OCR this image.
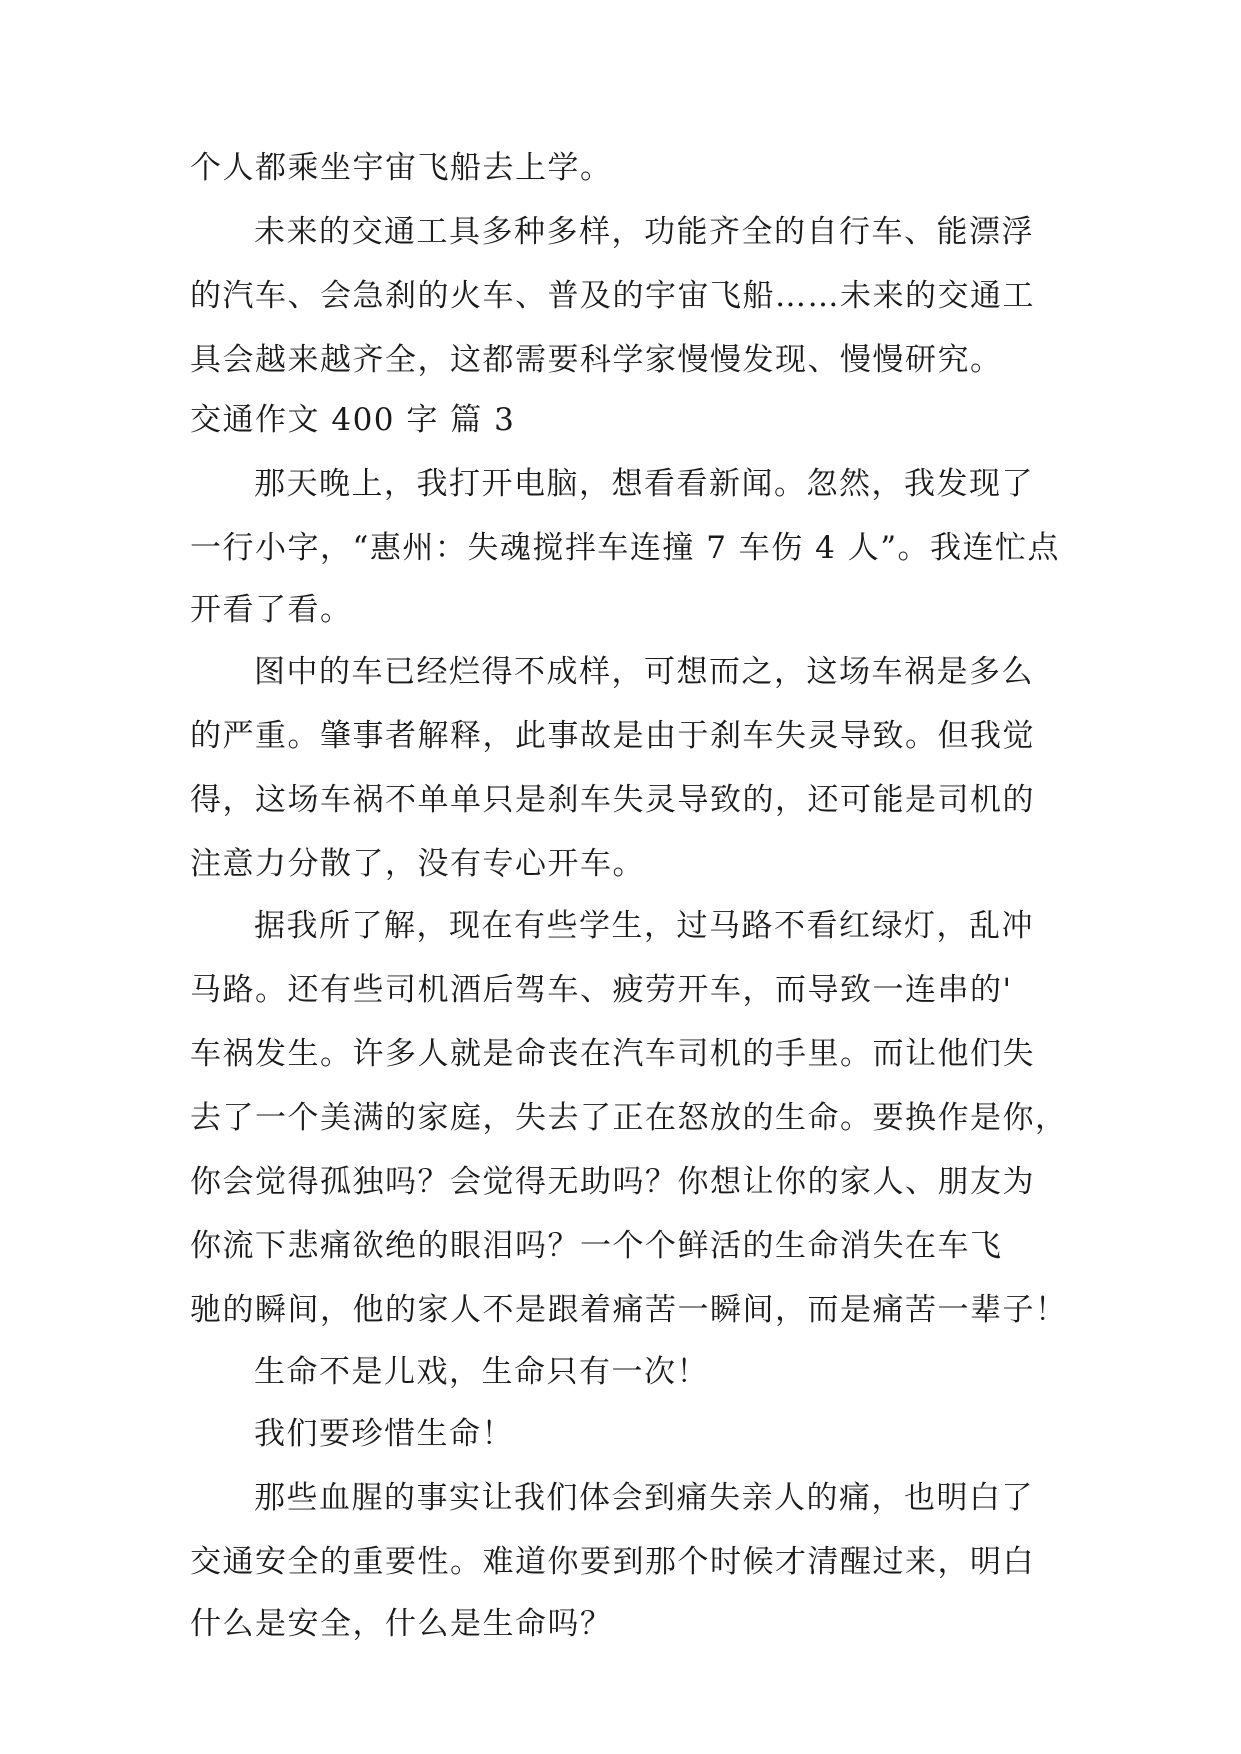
个人都乘坐宇宙飞船去上学。
未来的交通工具多种多样，功能齐全的自行车、能漂浮
的汽车、会急刹的火车、普及的宇宙飞船……未来的交通工
具会越来越齐全，这都需要科学家慢慢发现、慢慢研究。
交通作文 400 字 篇 3
那天晚上，我打开电脑，想看看新闻。忽然，我发现了
一行小字，“惠州：失魂搅拌车连撞 7 车伤 4 人”。我连忙点
开看了看。
图中的车已经烂得不成样，可想而之，这场车祸是多么
的严重。肇事者解释，此事故是由于刹车失灵导致。但我觉
得，这场车祸不单单只是刹车失灵导致的，还可能是司机的
注意力分散了，没有专心开车。
据我所了解，现在有些学生，过马路不看红绿灯，乱冲
马路。还有些司机酒后驾车、疲劳开车，而导致一连串的'
车祸发生。许多人就是命丧在汽车司机的手里。而让他们失
去了一个美满的家庭，失去了正在怒放的生命。要换作是你，
你会觉得孤独吗？会觉得无助吗？你想让你的家人、朋友为
你流下悲痛欲绝的眼泪吗？一个个鲜活的生命消失在车飞
驰的瞬间，他的家人不是跟着痛苦一瞬间，而是痛苦一辈子！
生命不是儿戏，生命只有一次！
我们要珍惜生命！
那些血腥的事实让我们体会到痛失亲人的痛，也明白了
交通安全的重要性。难道你要到那个时候才清醒过来，明白
什么是安全，什么是生命吗？
